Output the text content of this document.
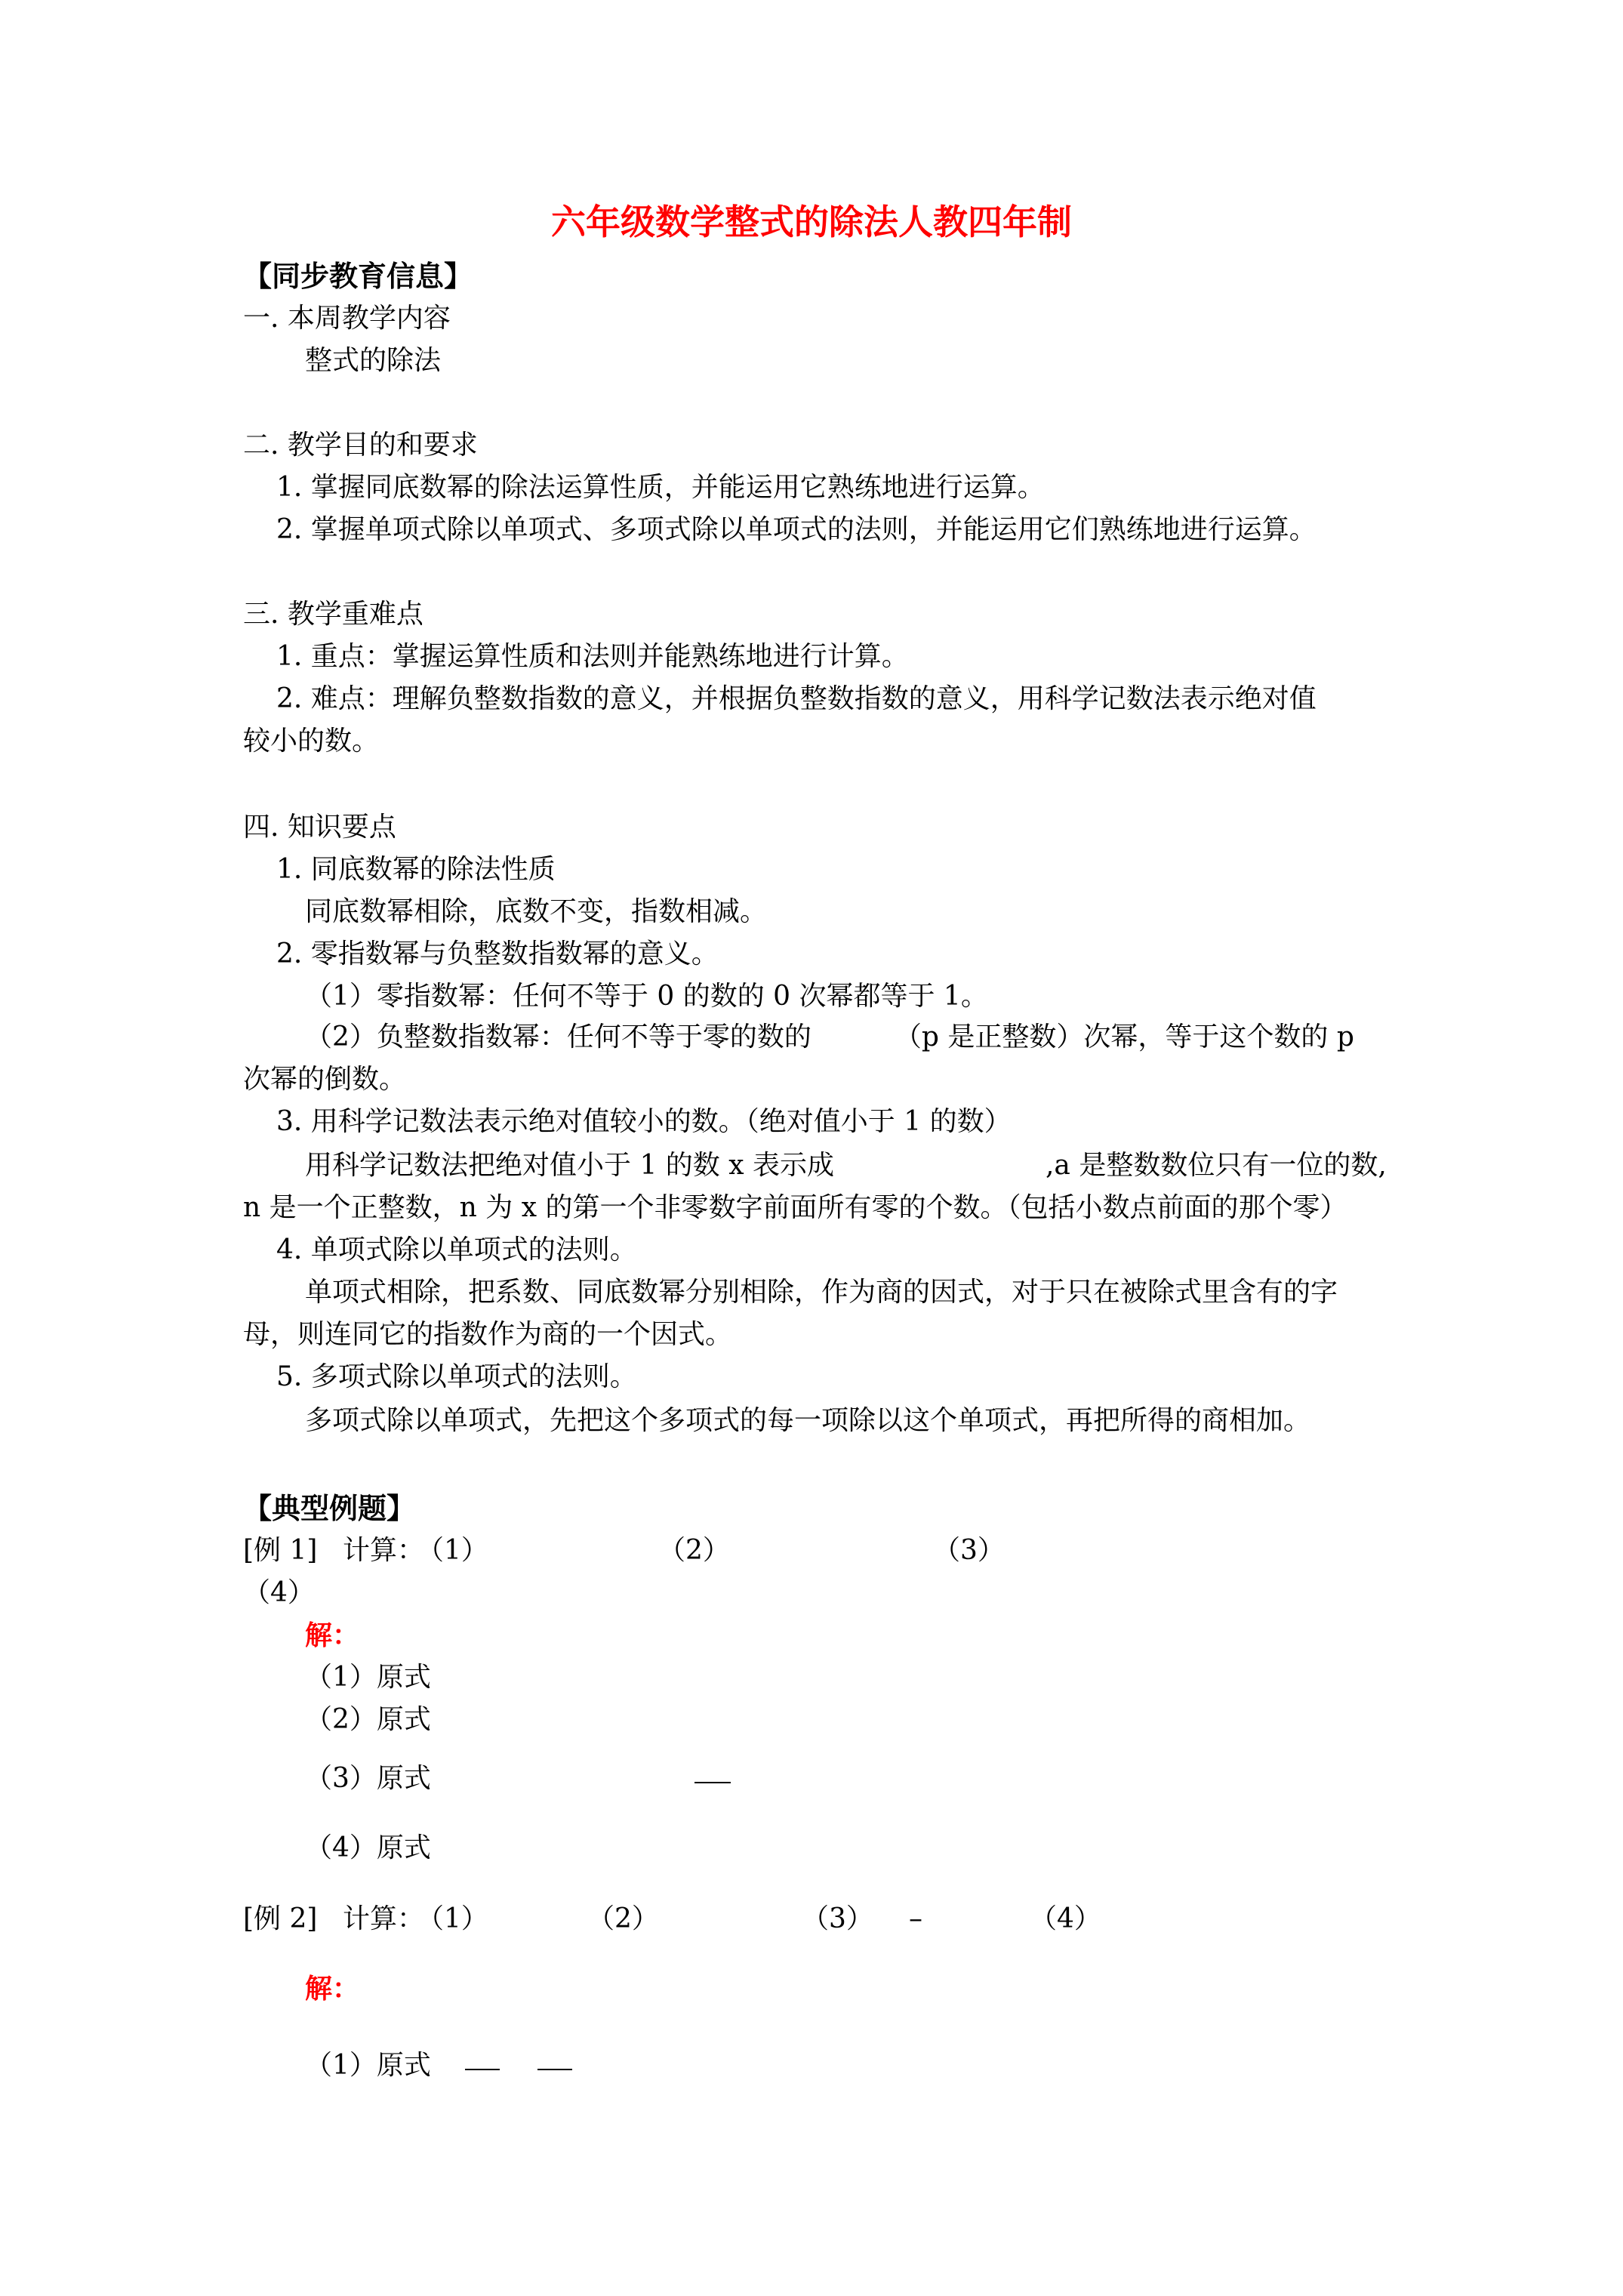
六年级数学整式的除法人教四年制
【同步教育信息】
一. 本周教学内容
整式的除法
二. 教学目的和要求
1. 掌握同底数幂的除法运算性质，并能运用它熟练地进行运算。
2. 掌握单项式除以单项式、多项式除以单项式的法则，并能运用它们熟练地进行运算。
三. 教学重难点
1. 重点：掌握运算性质和法则并能熟练地进行计算。
2. 难点：理解负整数指数的意义，并根据负整数指数的意义，用科学记数法表示绝对值
较小的数。
四. 知识要点
1. 同底数幂的除法性质
同底数幂相除，底数不变，指数相减。
2. 零指数幂与负整数指数幂的意义。
（1）零指数幂：任何不等于 0 的数的 0 次幂都等于 1。
（2）负整数指数幂：任何不等于零的数的	（p 是正整数）次幂，等于这个数的 p
次幂的倒数。
3. 用科学记数法表示绝对值较小的数。（绝对值小于 1 的数）
用科学记数法把绝对值小于 1 的数 x 表示成	,a 是整数数位只有一位的数,
n 是一个正整数，n 为 x 的第一个非零数字前面所有零的个数。（包括小数点前面的那个零）
4. 单项式除以单项式的法则。
单项式相除，把系数、同底数幂分别相除，作为商的因式，对于只在被除式里含有的字
母，则连同它的指数作为商的一个因式。
5. 多项式除以单项式的法则。
多项式除以单项式，先把这个多项式的每一项除以这个单项式，再把所得的商相加。
【典型例题】
[例 1] 计算：
（1）	（2）	（3）
（4）
解：
（1）原式
（2）原式
（3）原式
（4）原式
[例 2] 计算：
（1）	（2）	（3） –	（4）
解：
（1）原式
